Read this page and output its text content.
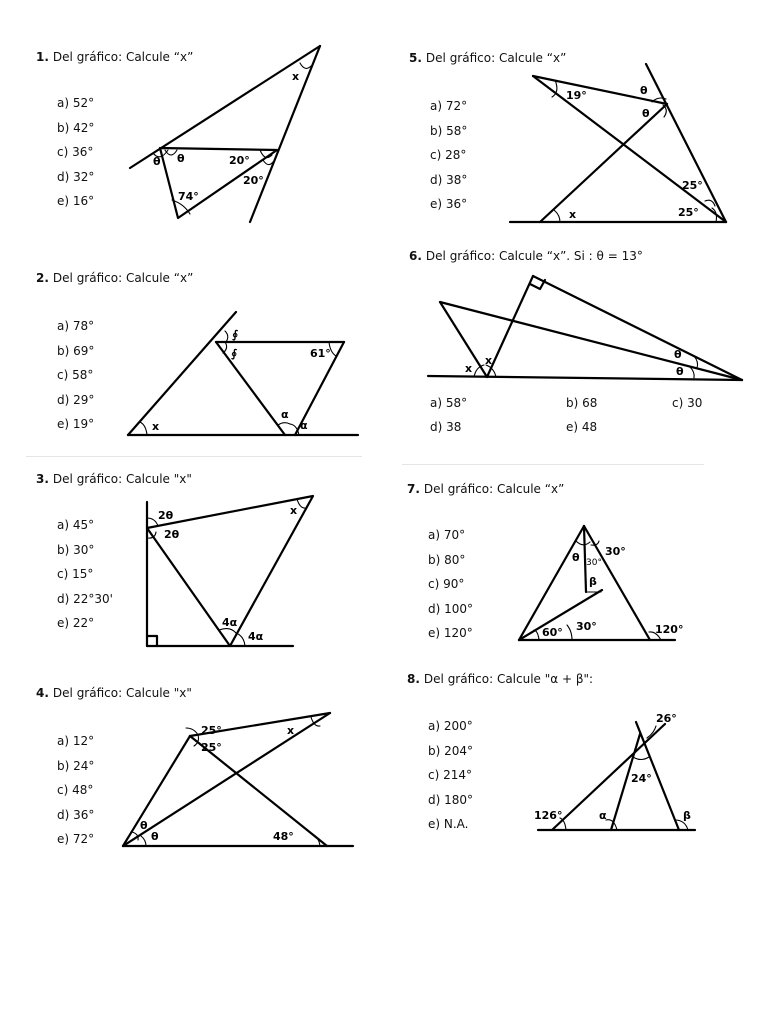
1. Del gráfico: Calcule “x”
a) 52°
b) 42°
c) 36°
d) 32°
e) 16°
x
θ θ	20°
20°
74°
2. Del gráfico: Calcule “x”
a) 78°
b) 69°
c) 58°
d) 29°
e) 19°
∮
∮	61°
α
α
x
3. Del gráfico: Calcule "x"
a) 45°
b) 30°
c) 15°
d) 22°30'
e) 22°
2θ
2θ
x
4α
4α
4. Del gráfico: Calcule "x"
a) 12°
b) 24°
c) 48°
d) 36°
e) 72°
25°
25°
x
θ
θ	48°
5. Del gráfico: Calcule “x”
a) 72°
b) 58°
c) 28°
d) 38°
e) 36°
19°	θ
θ
25°
25°
x
6. Del gráfico: Calcule “x”. Si : θ = 13°
a) 58°	b) 68	c) 30
d) 38	e) 48
x
x	θ
θ
7. Del gráfico: Calcule “x”
a) 70°
b) 80°
c) 90°
d) 100°
e) 120°
θ 30°
30°
β
60° 30°	120°
8. Del gráfico: Calcule "α + β":
a) 200°
b) 204°
c) 214°
d) 180°
e) N.A.
26°
24°
126°	α	β
